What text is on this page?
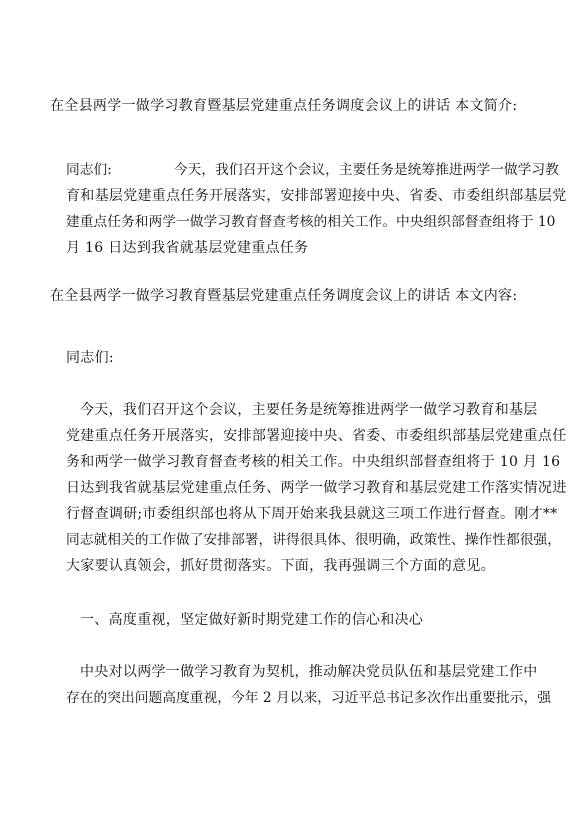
在全县两学一做学习教育暨基层党建重点任务调度会议上的讲话 本文简介:
同志们:	今天，我们召开这个会议，主要任务是统筹推进两学一做学习教
育和基层党建重点任务开展落实，安排部署迎接中央、省委、市委组织部基层党
建重点任务和两学一做学习教育督查考核的相关工作。中央组织部督查组将于 10
月 16 日达到我省就基层党建重点任务
在全县两学一做学习教育暨基层党建重点任务调度会议上的讲话 本文内容:
同志们:
今天，我们召开这个会议，主要任务是统筹推进两学一做学习教育和基层
党建重点任务开展落实，安排部署迎接中央、省委、市委组织部基层党建重点任
务和两学一做学习教育督查考核的相关工作。中央组织部督查组将于 10 月 16
日达到我省就基层党建重点任务、两学一做学习教育和基层党建工作落实情况进
行督查调研;市委组织部也将从下周开始来我县就这三项工作进行督查。刚才**
同志就相关的工作做了安排部署，讲得很具体、很明确，政策性、操作性都很强，
大家要认真领会，抓好贯彻落实。下面，我再强调三个方面的意见。
一、高度重视，坚定做好新时期党建工作的信心和决心
中央对以两学一做学习教育为契机，推动解决党员队伍和基层党建工作中
存在的突出问题高度重视，今年 2 月以来，习近平总书记多次作出重要批示，强
